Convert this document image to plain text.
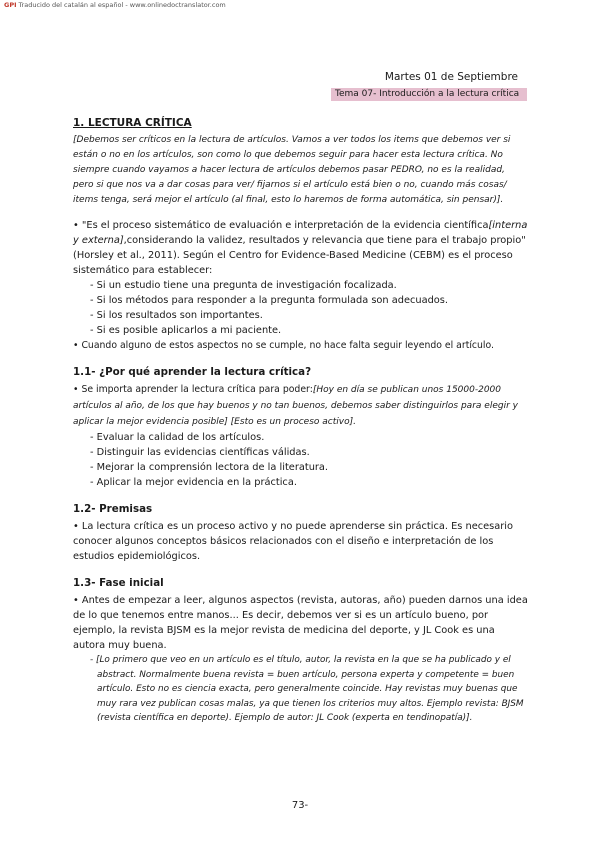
GPI Traducido del catalán al español - www.onlinedoctranslator.com
Martes 01 de Septiembre
Tema 07- Introducción a la lectura crítica
1. LECTURA CRÍTICA

[Debemos ser críticos en la lectura de artículos. Vamos a ver todos los items que debemos ver si están o no en los artículos, son como lo que debemos seguir para hacer esta lectura crítica. No siempre cuando vayamos a hacer lectura de artículos debemos pasar PEDRO, no es la realidad, pero si que nos va a dar cosas para ver/ fijarnos si el artículo está bien o no, cuando más cosas/ items tenga, será mejor el artículo (al final, esto lo haremos de forma automática, sin pensar)].

• "Es el proceso sistemático de evaluación e interpretación de la evidencia científica[interna y externa],considerando la validez, resultados y relevancia que tiene para el trabajo propio" (Horsley et al., 2011). Según el Centro for Evidence-Based Medicine (CEBM) es el proceso sistemático para establecer:

- Si un estudio tiene una pregunta de investigación focalizada.

- Si los métodos para responder a la pregunta formulada son adecuados.

- Si los resultados son importantes.

- Si es posible aplicarlos a mi paciente.

• Cuando alguno de estos aspectos no se cumple, no hace falta seguir leyendo el artículo.

1.1- ¿Por qué aprender la lectura crítica?

• Se importa aprender la lectura crítica para poder:[Hoy en día se publican unos 15000-2000 artículos al año, de los que hay buenos y no tan buenos, debemos saber distinguirlos para elegir y aplicar la mejor evidencia posible] [Esto es un proceso activo].

- Evaluar la calidad de los artículos.

- Distinguir las evidencias científicas válidas.

- Mejorar la comprensión lectora de la literatura.

- Aplicar la mejor evidencia en la práctica.

1.2- Premisas

• La lectura crítica es un proceso activo y no puede aprenderse sin práctica. Es necesario conocer algunos conceptos básicos relacionados con el diseño e interpretación de los estudios epidemiológicos.

1.3- Fase inicial

• Antes de empezar a leer, algunos aspectos (revista, autoras, año) pueden darnos una idea de lo que tenemos entre manos... Es decir, debemos ver si es un artículo bueno, por ejemplo, la revista BJSM es la mejor revista de medicina del deporte, y JL Cook es una autora muy buena.

- [Lo primero que veo en un artículo es el título, autor, la revista en la que se ha publicado y el abstract. Normalmente buena revista = buen artículo, persona experta y competente = buen artículo. Esto no es ciencia exacta, pero generalmente coincide. Hay revistas muy buenas que muy rara vez publican cosas malas, ya que tienen los criterios muy altos. Ejemplo revista: BJSM (revista científica en deporte). Ejemplo de autor: JL Cook (experta en tendinopatía)].

73-
